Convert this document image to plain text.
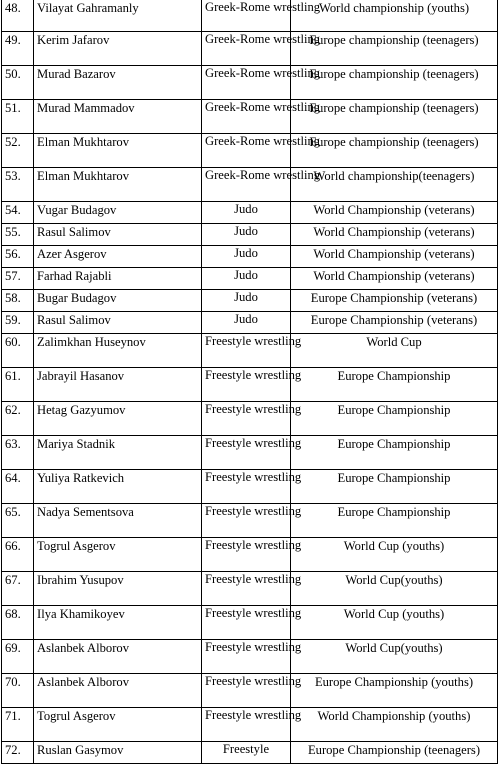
48.	Vilayat Gahramanly	Greek-Rome wrestling	World championship (youths)
49.	Kerim Jafarov	Greek-Rome wrestling	Europe championship (teenagers)
50.	Murad Bazarov	Greek-Rome wrestling	Europe championship (teenagers)
51.	Murad Mammadov	Greek-Rome wrestling	Europe championship (teenagers)
52.	Elman Mukhtarov	Greek-Rome wrestling	Europe championship (teenagers)
53.	Elman Mukhtarov	Greek-Rome wrestling	World championship(teenagers)
54.	Vugar Budagov	Judo	World Championship (veterans)
55.	Rasul Salimov	Judo	World Championship (veterans)
56.	Azer Asgerov	Judo	World Championship (veterans)
57.	Farhad Rajabli	Judo	World Championship (veterans)
58.	Bugar Budagov	Judo	Europe Championship (veterans)
59.	Rasul Salimov	Judo	Europe Championship (veterans)
60.	Zalimkhan Huseynov	Freestyle wrestling	World Cup
61.	Jabrayil Hasanov	Freestyle wrestling	Europe Championship
62.	Hetag Gazyumov	Freestyle wrestling	Europe Championship
63.	Mariya Stadnik	Freestyle wrestling	Europe Championship
64.	Yuliya Ratkevich	Freestyle wrestling	Europe Championship
65.	Nadya Sementsova	Freestyle wrestling	Europe Championship
66.	Togrul Asgerov	Freestyle wrestling	World Cup (youths)
67.	Ibrahim Yusupov	Freestyle wrestling	World Cup(youths)
68.	Ilya Khamikoyev	Freestyle wrestling	World Cup (youths)
69.	Aslanbek Alborov	Freestyle wrestling	World Cup(youths)
70.	Aslanbek Alborov	Freestyle wrestling	Europe Championship (youths)
71.	Togrul Asgerov	Freestyle wrestling	World Championship (youths)
72.	Ruslan Gasymov	Freestyle	Europe Championship (teenagers)
